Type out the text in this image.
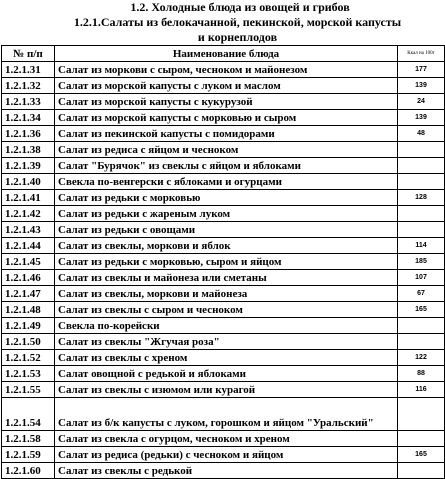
1.2. Холодные блюда из овощей и грибов
1.2.1.Салаты из белокачанной, пекинской, морской капусты
и корнеплодов
№ п/п	Наименование блюда	Ккал на 100г
1.2.1.31	Салат из моркови с сыром, чесноком и майонезом	177
1.2.1.32	Салат из морской капусты с луком и маслом	139
1.2.1.33	Салат из морской капусты с кукурузой	24
1.2.1.34	Салат из морской капусты с морковью и сыром	139
1.2.1.36	Салат из пекинской капусты с помидорами	48
1.2.1.38	Салат из редиса с яйцом и чесноком	
1.2.1.39	Салат "Бурячок" из свеклы с яйцом и яблоками	
1.2.1.40	Свекла по-венгерски с яблоками и огурцами	
1.2.1.41	Салат из редьки с морковью	128
1.2.1.42	Салат из редьки с жареным луком	
1.2.1.43	Салат из редьки с овощами	
1.2.1.44	Салат из свеклы, моркови и яблок	114
1.2.1.45	Салат из редьки с морковью, сыром и яйцом	185
1.2.1.46	Салат из свеклы и майонеза или сметаны	107
1.2.1.47	Салат из свеклы, моркови и майонеза	67
1.2.1.48	Салат из свеклы с сыром и чесноком	165
1.2.1.49	Свекла по-корейски	
1.2.1.50	Салат из свеклы "Жгучая роза"	
1.2.1.52	Салат из свеклы с хреном	122
1.2.1.53	Салат овощной с редькой и яблоками	88
1.2.1.55	Салат из свеклы с изюмом или курагой	116
1.2.1.54	Салат из б/к капусты с луком, горошком и яйцом "Уральский"	
1.2.1.58	Салат из свекла с огурцом, чесноком и хреном	
1.2.1.59	Салат из редиса (редьки) с чесноком и яйцом	165
1.2.1.60	Салат из свеклы с редькой	
